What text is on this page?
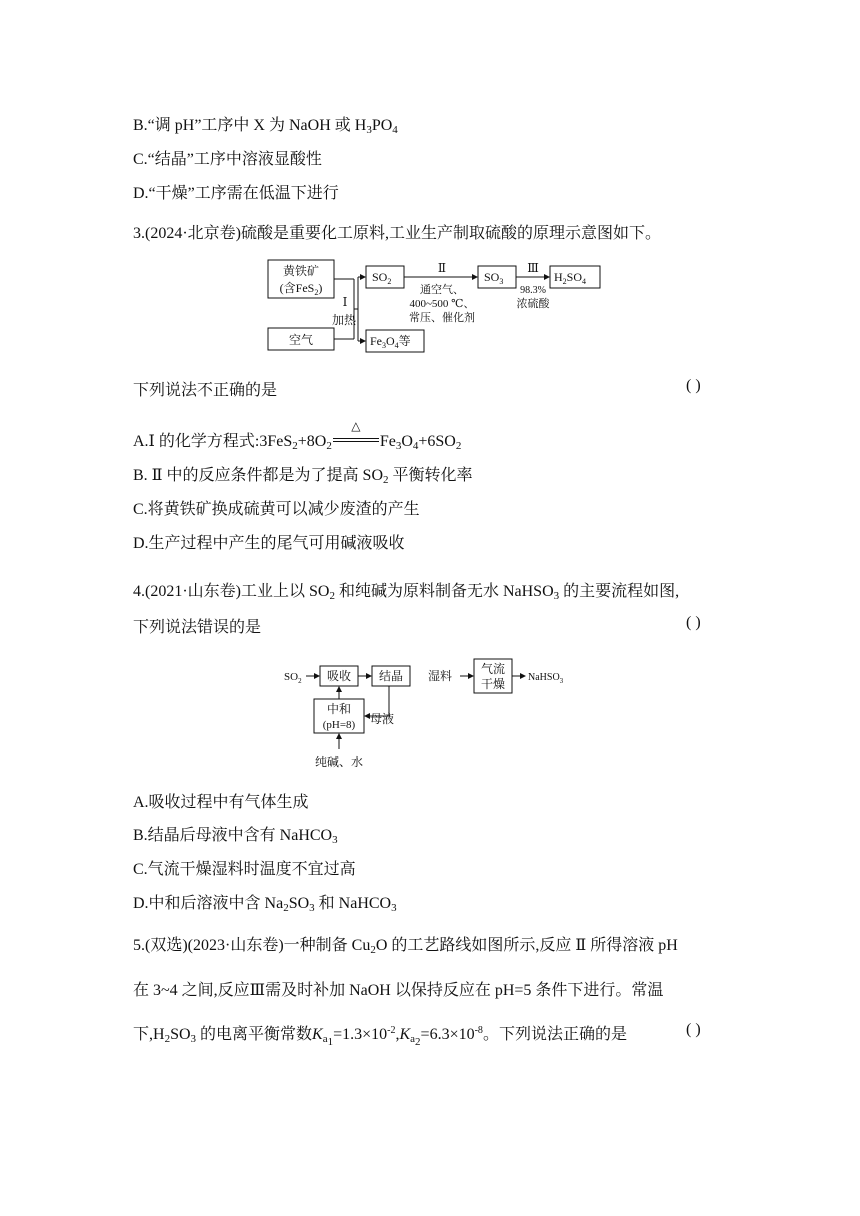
B.“调 pH”工序中 X 为 NaOH 或 $H_3PO_4$
C.“结晶”工序中溶液显酸性
D.“干燥”工序需在低温下进行
3.(2024·北京卷)硫酸是重要化工原料,工业生产制取硫酸的原理示意图如下。
黄铁矿
(含FeS$_2$)
空气
Ⅰ
加热
$SO_2$
Ⅱ
通空气、
400~500 ℃、
常压、催化剂
$SO_3$
Ⅲ
98.3%
浓硫酸
$H_2SO_4$
$Fe_3O_4$等
下列说法不正确的是	( )
A.Ⅰ 的化学方程式$:3FeS_2+8O_2$
△
$Fe_3O_4+6SO_2$
B. Ⅱ 中的反应条件都是为了提高 $SO_2$ 平衡转化率
C.将黄铁矿换成硫黄可以减少废渣的产生
D.生产过程中产生的尾气可用碱液吸收
4.(2021·山东卷)工业上以 $SO_2$ 和纯碱为原料制备无水 NaHSO$_3$ 的主要流程如图,
下列说法错误的是	( )
$SO_2$ 吸收 结晶 湿料 气流
干燥 NaHSO$_3$
中和
(pH=8) 母液
纯碱、水
A.吸收过程中有气体生成
B.结晶后母液中含有 NaHCO$_3$
C.气流干燥湿料时温度不宜过高
D.中和后溶液中含 $Na_2SO_3$ 和 NaHCO$_3$
5.(双选)(2023·山东卷)一种制备 $Cu_2O$ 的工艺路线如图所示,反应 Ⅱ 所得溶液 pH
在 3~4 之间,反应Ⅲ需及时补加 NaOH 以保持反应在 pH=5 条件下进行。常温
下$,H_2SO_3$ 的电离平衡常数$K_{a_1}=1.3\times 10^{-2},K_{a_2}=6.3\times 10^{-8}$。下列说法正确的是	( )
